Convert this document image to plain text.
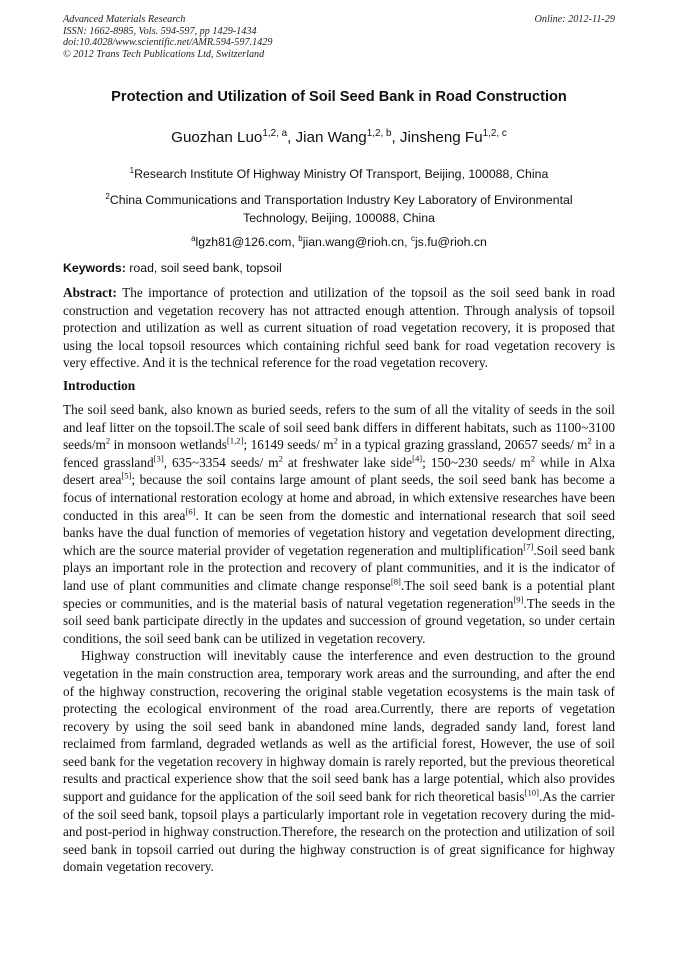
Advanced Materials Research
ISSN: 1662-8985, Vols. 594-597, pp 1429-1434
doi:10.4028/www.scientific.net/AMR.594-597.1429
© 2012 Trans Tech Publications Ltd, Switzerland
Online: 2012-11-29
Protection and Utilization of Soil Seed Bank in Road Construction
Guozhan Luo$^{1,2, a}$, Jian Wang$^{1,2, b}$, Jinsheng Fu$^{1,2, c}$
$^1$Research Institute Of Highway Ministry Of Transport, Beijing, 100088, China
$^2$China Communications and Transportation Industry Key Laboratory of Environmental
Technology, Beijing, 100088, China
$^a$lgzh81@126.com, $^b$jian.wang@rioh.cn, $^c$js.fu@rioh.cn
Keywords: road, soil seed bank, topsoil
Abstract: The importance of protection and utilization of the topsoil as the soil seed bank in road construction and vegetation recovery has not attracted enough attention. Through analysis of topsoil protection and utilization as well as current situation of road vegetation recovery, it is proposed that using the local topsoil resources which containing richful seed bank for road vegetation recovery is very effective. And it is the technical reference for the road vegetation recovery.
Introduction

The soil seed bank, also known as buried seeds, refers to the sum of all the vitality of seeds in the soil and leaf litter on the topsoil.The scale of soil seed bank differs in different habitats, such as 1100~3100 seeds/$m^2$ in monsoon wetlands[1,2]; 16149 seeds/ $m^2$ in a typical grazing grassland, 20657 seeds/ $m^2$ in a fenced grassland[3], 635~3354 seeds/ $m^2$ at freshwater lake side[4]; 150~230 seeds/ $m^2$ while in Alxa desert area[5]; because the soil contains large amount of plant seeds, the soil seed bank has become a focus of international restoration ecology at home and abroad, in which extensive researches have been conducted in this area[6]. It can be seen from the domestic and international research that soil seed banks have the dual function of memories of vegetation history and vegetation development directing, which are the source material provider of vegetation regeneration and multiplification[7].Soil seed bank plays an important role in the protection and recovery of plant communities, and it is the indicator of land use of plant communities and climate change response[8].The soil seed bank is a potential plant species or communities, and is the material basis of natural vegetation regeneration[9].The seeds in the soil seed bank participate directly in the updates and succession of ground vegetation, so under certain conditions, the soil seed bank can be utilized in vegetation recovery.

Highway construction will inevitably cause the interference and even destruction to the ground vegetation in the main construction area, temporary work areas and the surrounding, and after the end of the highway construction, recovering the original stable vegetation ecosystems is the main task of protecting the ecological environment of the road area.Currently, there are reports of vegetation recovery by using the soil seed bank in abandoned mine lands, degraded sandy land, forest land reclaimed from farmland, degraded wetlands as well as the artificial forest, However, the use of soil seed bank for the vegetation recovery in highway domain is rarely reported, but the previous theoretical results and practical experience show that the soil seed bank has a large potential, which also provides support and guidance for the application of the soil seed bank for rich theoretical basis[10].As the carrier of the soil seed bank, topsoil plays a particularly important role in vegetation recovery during the mid- and post-period in highway construction.Therefore, the research on the protection and utilization of soil seed bank in topsoil carried out during the highway construction is of great significance for highway domain vegetation recovery.
